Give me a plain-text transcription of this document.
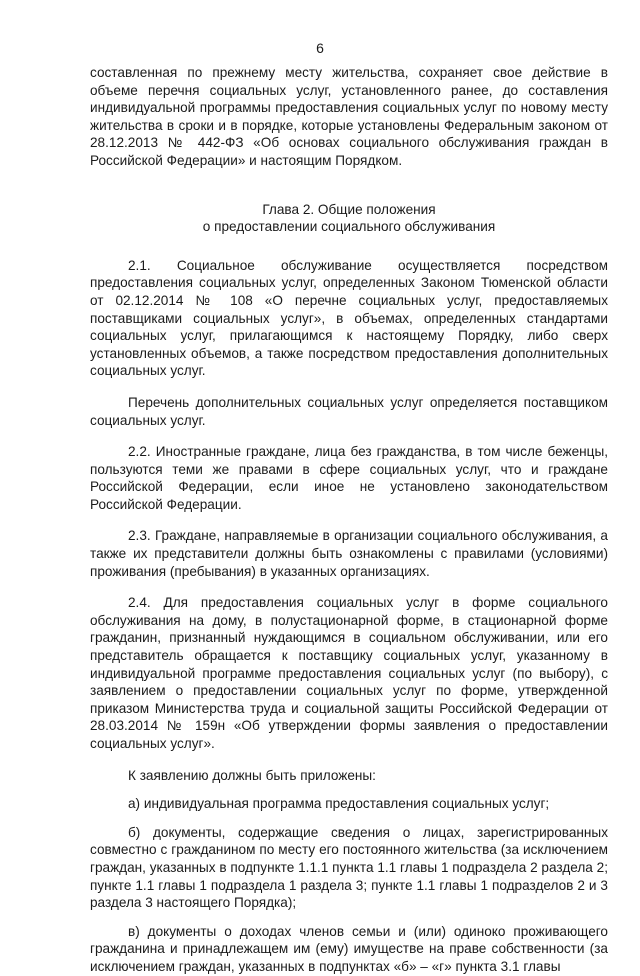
6

составленная по прежнему месту жительства, сохраняет свое действие в объеме перечня социальных услуг, установленного ранее, до составления индивидуальной программы предоставления социальных услуг по новому месту жительства в сроки и в порядке, которые установлены Федеральным законом от 28.12.2013 № 442-ФЗ «Об основах социального обслуживания граждан в Российской Федерации» и настоящим Порядком.

Глава 2. Общие положения
о предоставлении социального обслуживания

2.1. Социальное обслуживание осуществляется посредством предоставления социальных услуг, определенных Законом Тюменской области от 02.12.2014 № 108 «О перечне социальных услуг, предоставляемых поставщиками социальных услуг», в объемах, определенных стандартами социальных услуг, прилагающимся к настоящему Порядку, либо сверх установленных объемов, а также посредством предоставления дополнительных социальных услуг.

Перечень дополнительных социальных услуг определяется поставщиком социальных услуг.

2.2. Иностранные граждане, лица без гражданства, в том числе беженцы, пользуются теми же правами в сфере социальных услуг, что и граждане Российской Федерации, если иное не установлено законодательством Российской Федерации.

2.3. Граждане, направляемые в организации социального обслуживания, а также их представители должны быть ознакомлены с правилами (условиями) проживания (пребывания) в указанных организациях.

2.4. Для предоставления социальных услуг в форме социального обслуживания на дому, в полустационарной форме, в стационарной форме гражданин, признанный нуждающимся в социальном обслуживании, или его представитель обращается к поставщику социальных услуг, указанному в индивидуальной программе предоставления социальных услуг (по выбору), с заявлением о предоставлении социальных услуг по форме, утвержденной приказом Министерства труда и социальной защиты Российской Федерации от 28.03.2014 № 159н «Об утверждении формы заявления о предоставлении социальных услуг».

К заявлению должны быть приложены:

а) индивидуальная программа предоставления социальных услуг;

б) документы, содержащие сведения о лицах, зарегистрированных совместно с гражданином по месту его постоянного жительства (за исключением граждан, указанных в подпункте 1.1.1 пункта 1.1 главы 1 подраздела 2 раздела 2; пункте 1.1 главы 1 подраздела 1 раздела 3; пункте 1.1 главы 1 подразделов 2 и 3 раздела 3 настоящего Порядка);

в) документы о доходах членов семьи и (или) одиноко проживающего гражданина и принадлежащем им (ему) имуществе на праве собственности (за исключением граждан, указанных в подпунктах «б» – «г» пункта 3.1 главы
